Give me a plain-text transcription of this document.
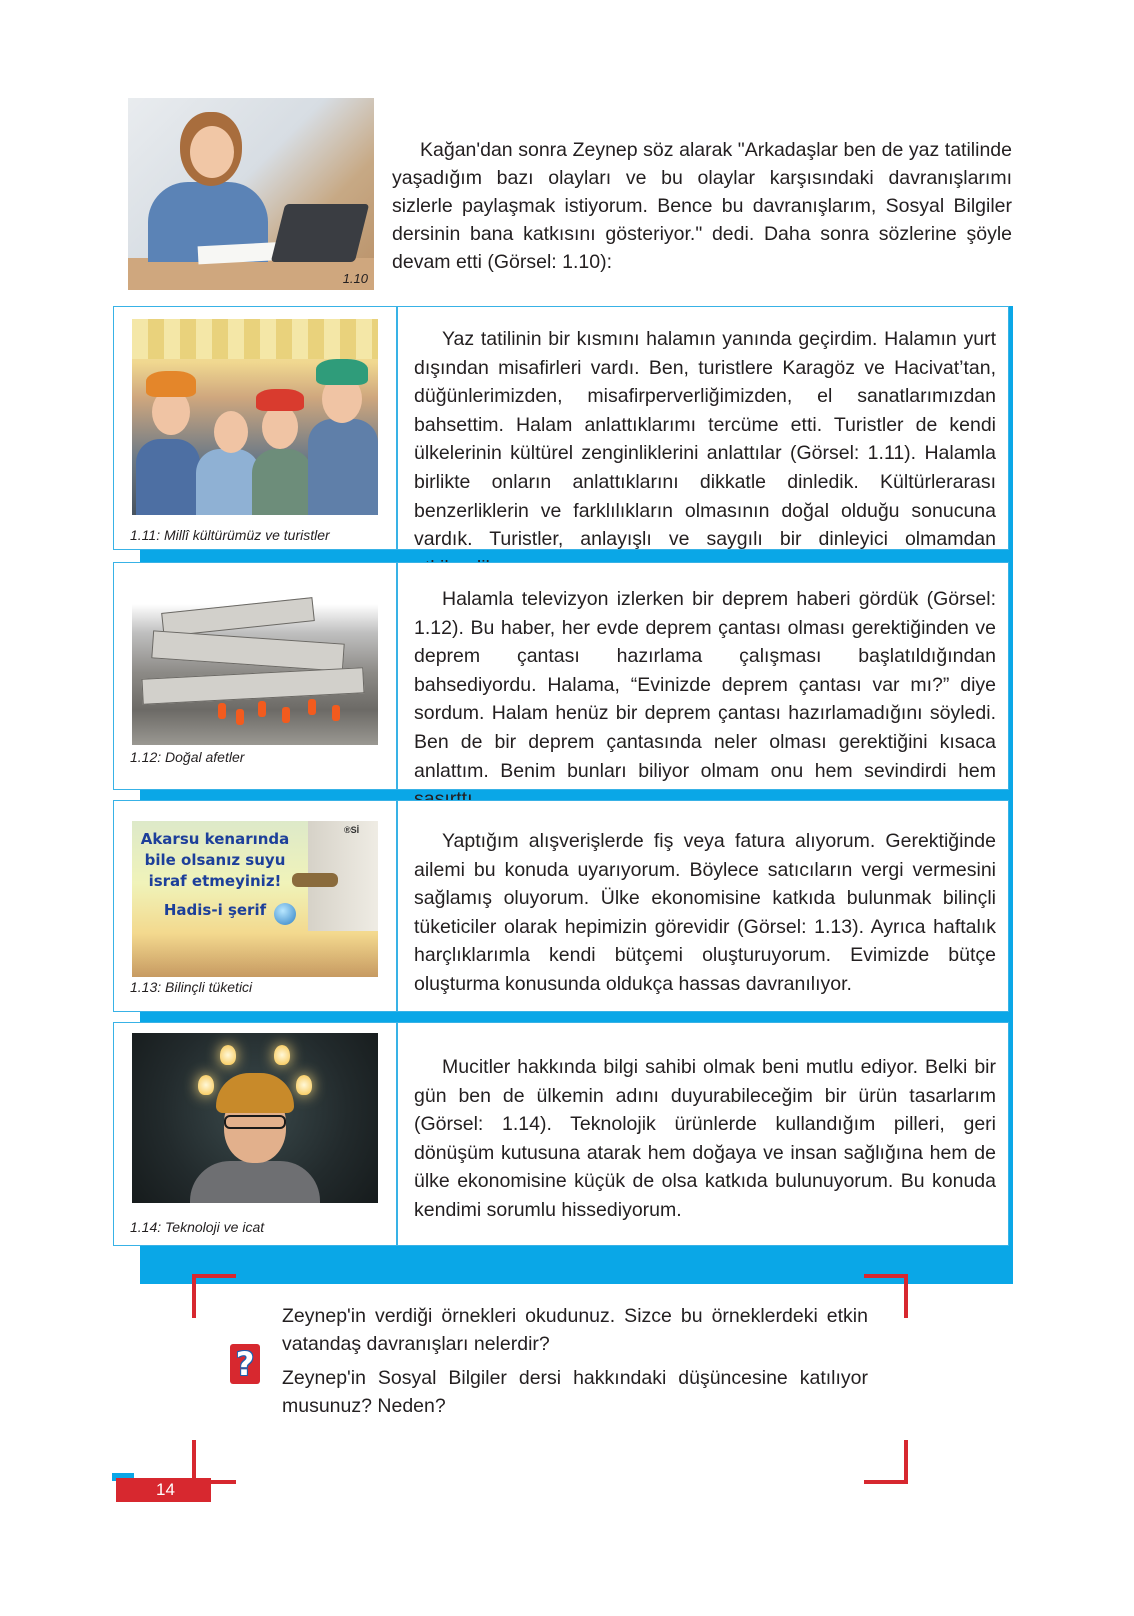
1.10

Kağan'dan sonra Zeynep söz alarak "Arkadaşlar ben de yaz tatilinde yaşadığım bazı olayları ve bu olaylar karşısındaki davranışlarımı sizlerle paylaşmak istiyorum. Bence bu davranışlarım, Sosyal Bilgiler dersinin bana katkısını gösteriyor." dedi. Daha sonra sözlerine şöyle devam etti (Görsel: 1.10):

1.11: Millî kültürümüz ve turistler

Yaz tatilinin bir kısmını halamın yanında geçirdim. Halamın yurt dışından misafirleri vardı. Ben, turistlere Karagöz ve Hacivat’tan, düğünlerimizden, misafirperverliğimizden, el sanatlarımızdan bahsettim. Halam anlattıklarımı tercüme etti. Turistler de kendi ülkelerinin kültürel zenginliklerini anlattılar (Görsel: 1.11). Halamla birlikte onların anlattıklarını dikkatle dinledik. Kültürlerarası benzerliklerin ve farklılıkların olmasının doğal olduğu sonucuna vardık. Turistler, anlayışlı ve saygılı bir dinleyici olmamdan

1.12: Doğal afetler

Halamla televizyon izlerken bir deprem haberi gördük (Görsel: 1.12). Bu haber, her evde deprem çantası olması gerektiğinden ve deprem çantası hazırlama çalışması başlatıldığından bahsediyordu. Halama, “Evinizde deprem çantası var mı?” diye sordum. Halam henüz bir deprem çantası hazırlamadığını söyledi. Ben de bir deprem çantasında neler olması gerektiğini kısaca anlattım. Benim bunları biliyor olmam onu hem sevindirdi hem

®Sİ
Akarsu kenarında
bile olsanız suyu
israf etmeyiniz!
Hadis-i şerif
1.13: Bilinçli tüketici

Yaptığım alışverişlerde fiş veya fatura alıyorum. Gerektiğinde ailemi bu konuda uyarıyorum. Böylece satıcıların vergi vermesini sağlamış oluyorum. Ülke ekonomisine katkıda bulunmak bilinçli tüketiciler olarak hepimizin görevidir (Görsel: 1.13). Ayrıca haftalık harçlıklarımla kendi bütçemi oluşturuyorum. Evimizde bütçe oluşturma konusunda oldukça hassas davranılıyor.

1.14: Teknoloji ve icat

Mucitler hakkında bilgi sahibi olmak beni mutlu ediyor. Belki bir gün ben de ülkemin adını duyurabileceğim bir ürün tasarlarım (Görsel: 1.14). Teknolojik ürünlerde kullandığım pilleri, geri dönüşüm kutusuna atarak hem doğaya ve insan sağlığına hem de ülke ekonomisine küçük de olsa katkıda bulunuyorum. Bu konuda kendimi sorumlu hissediyorum.

?

Zeynep'in verdiği örnekleri okudunuz. Sizce bu örneklerdeki etkin vatandaş davranışları nelerdir?

Zeynep'in Sosyal Bilgiler dersi hakkındaki düşüncesine katılıyor musunuz? Neden?

14
